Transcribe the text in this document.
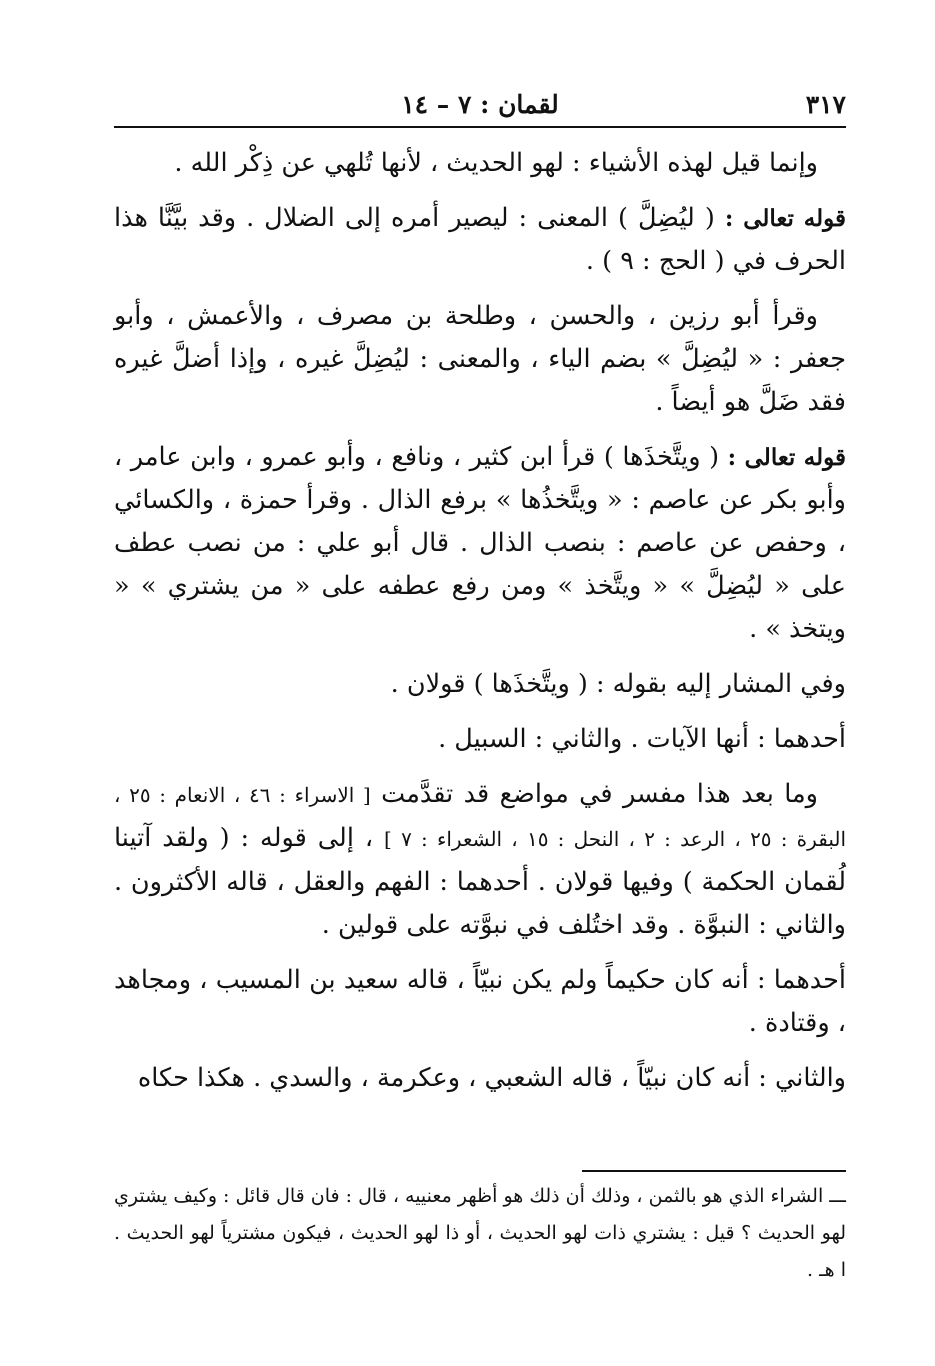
٣١٧
لقمان : ٧ – ١٤

وإنما قيل لهذه الأشياء : لهو الحديث ، لأنها تُلهي عن ذِكْر الله .

قوله تعالى : ( ليُضِلَّ ) المعنى : ليصير أمره إلى الضلال . وقد بيَّنَّا هذا الحرف في ( الحج : ٩ ) .

وقرأ أبو رزين ، والحسن ، وطلحة بن مصرف ، والأعمش ، وأبو جعفر : « ليُضِلَّ » بضم الياء ، والمعنى : ليُضِلَّ غيره ، وإذا أضلَّ غيره فقد ضَلَّ هو أيضاً .

قوله تعالى : ( ويتَّخذَها ) قرأ ابن كثير ، ونافع ، وأبو عمرو ، وابن عامر ، وأبو بكر عن عاصم : « ويتَّخذُها » برفع الذال . وقرأ حمزة ، والكسائي ، وحفص عن عاصم : بنصب الذال . قال أبو علي : من نصب عطف على « ليُضِلَّ » « ويتَّخذ » ومن رفع عطفه على « من يشتري » « ويتخذ » .

وفي المشار إليه بقوله : ( ويتَّخذَها ) قولان .

أحدهما : أنها الآيات . والثاني : السبيل .

وما بعد هذا مفسر في مواضع قد تقدَّمت [ الاسراء : ٤٦ ، الانعام : ٢٥ ، البقرة : ٢٥ ، الرعد : ٢ ، النحل : ١٥ ، الشعراء : ٧ ] ، إلى قوله : ( ولقد آتينا لُقمان الحكمة ) وفيها قولان . أحدهما : الفهم والعقل ، قاله الأكثرون . والثاني : النبوَّة . وقد اختُلف في نبوَّته على قولين .

أحدهما : أنه كان حكيماً ولم يكن نبيّاً ، قاله سعيد بن المسيب ، ومجاهد ، وقتادة .

والثاني : أنه كان نبيّاً ، قاله الشعبي ، وعكرمة ، والسدي . هكذا حكاه

ـــ الشراء الذي هو بالثمن ، وذلك أن ذلك هو أظهر معنييه ، قال : فان قال قائل : وكيف يشتري لهو الحديث ؟ قيل : يشتري ذات لهو الحديث ، أو ذا لهو الحديث ، فيكون مشترياً لهو الحديث . ا هـ .
